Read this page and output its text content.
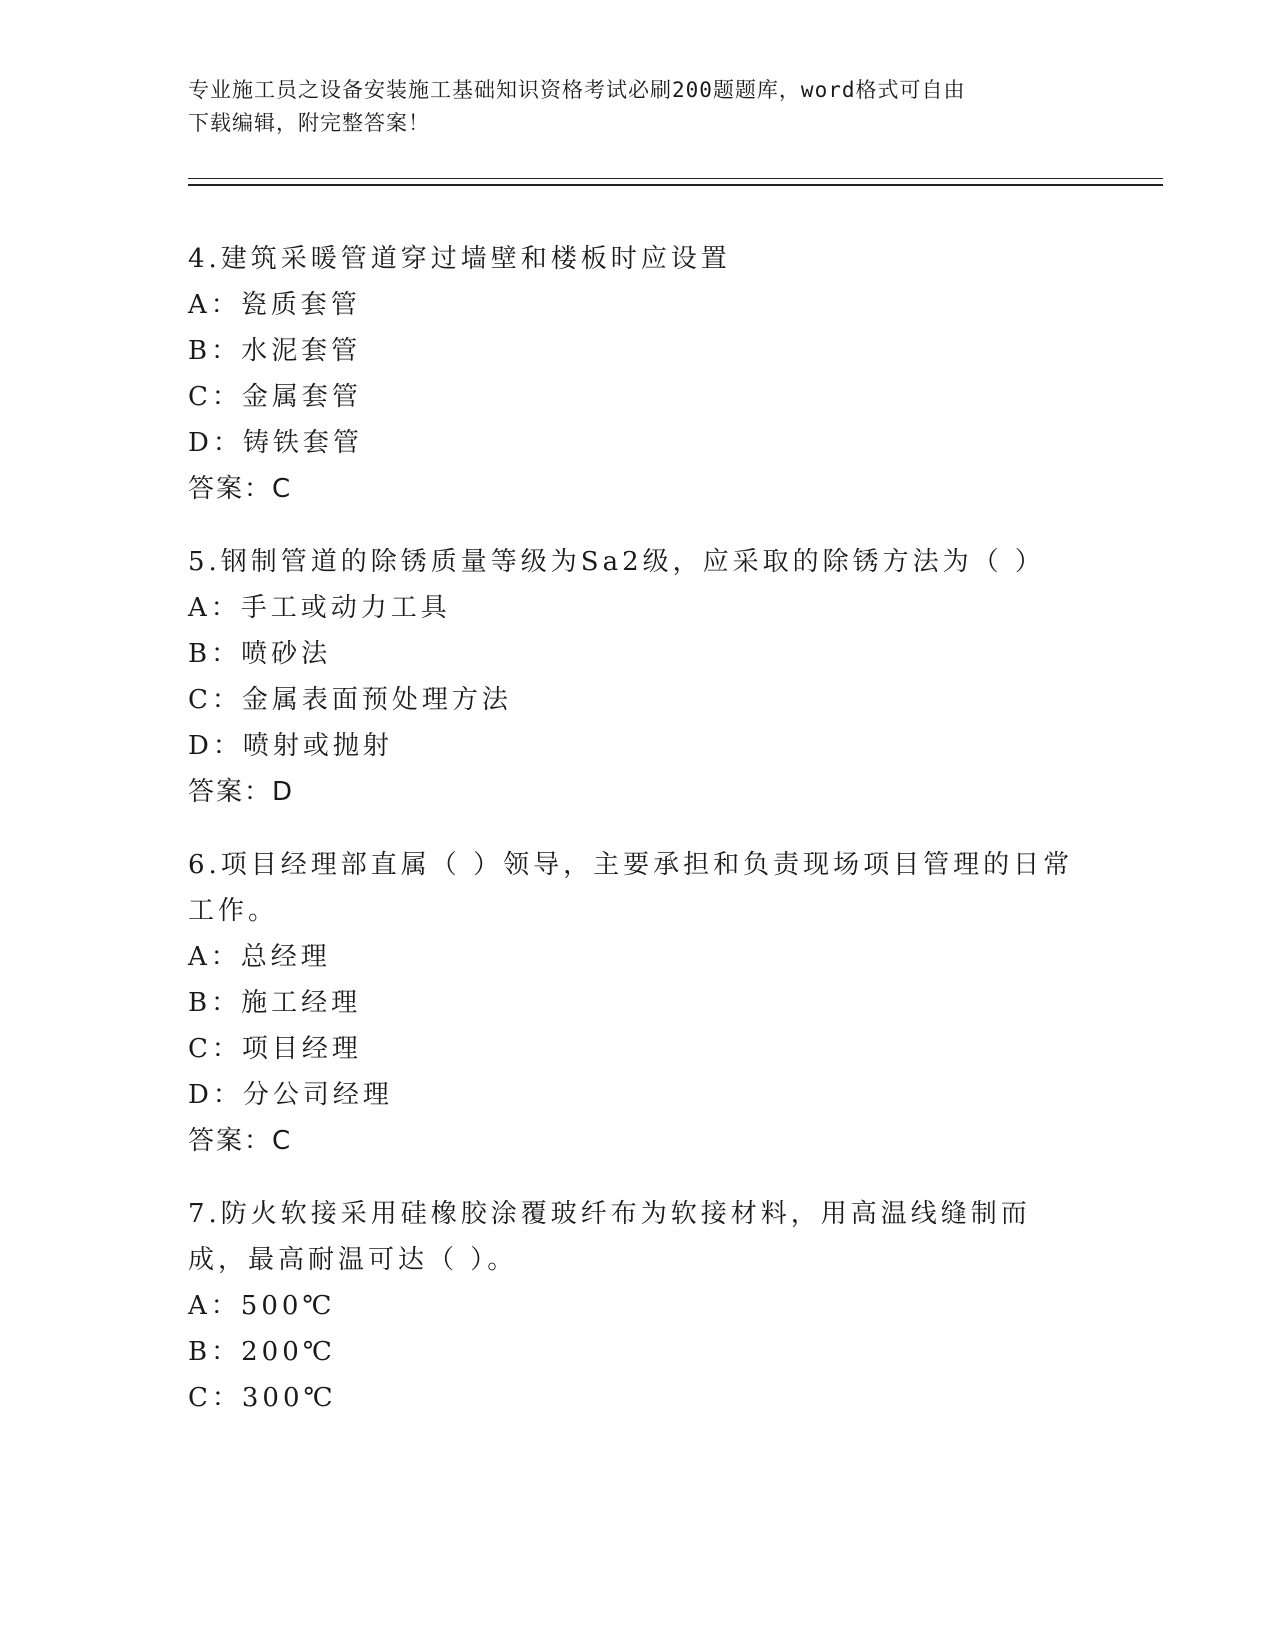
专业施工员之设备安装施工基础知识资格考试必刷200题题库，word格式可自由
下载编辑，附完整答案！
4.建筑采暖管道穿过墙壁和楼板时应设置
A：瓷质套管
B：水泥套管
C：金属套管
D：铸铁套管
答案：C
5.钢制管道的除锈质量等级为Sa2级，应采取的除锈方法为（ ）
A：手工或动力工具
B：喷砂法
C：金属表面预处理方法
D：喷射或抛射
答案：D
6.项目经理部直属（ ）领导，主要承担和负责现场项目管理的日常工作。
A：总经理
B：施工经理
C：项目经理
D：分公司经理
答案：C
7.防火软接采用硅橡胶涂覆玻纤布为软接材料，用高温线缝制而成，最高耐温可达（ ）。
A：500℃
B：200℃
C：300℃
